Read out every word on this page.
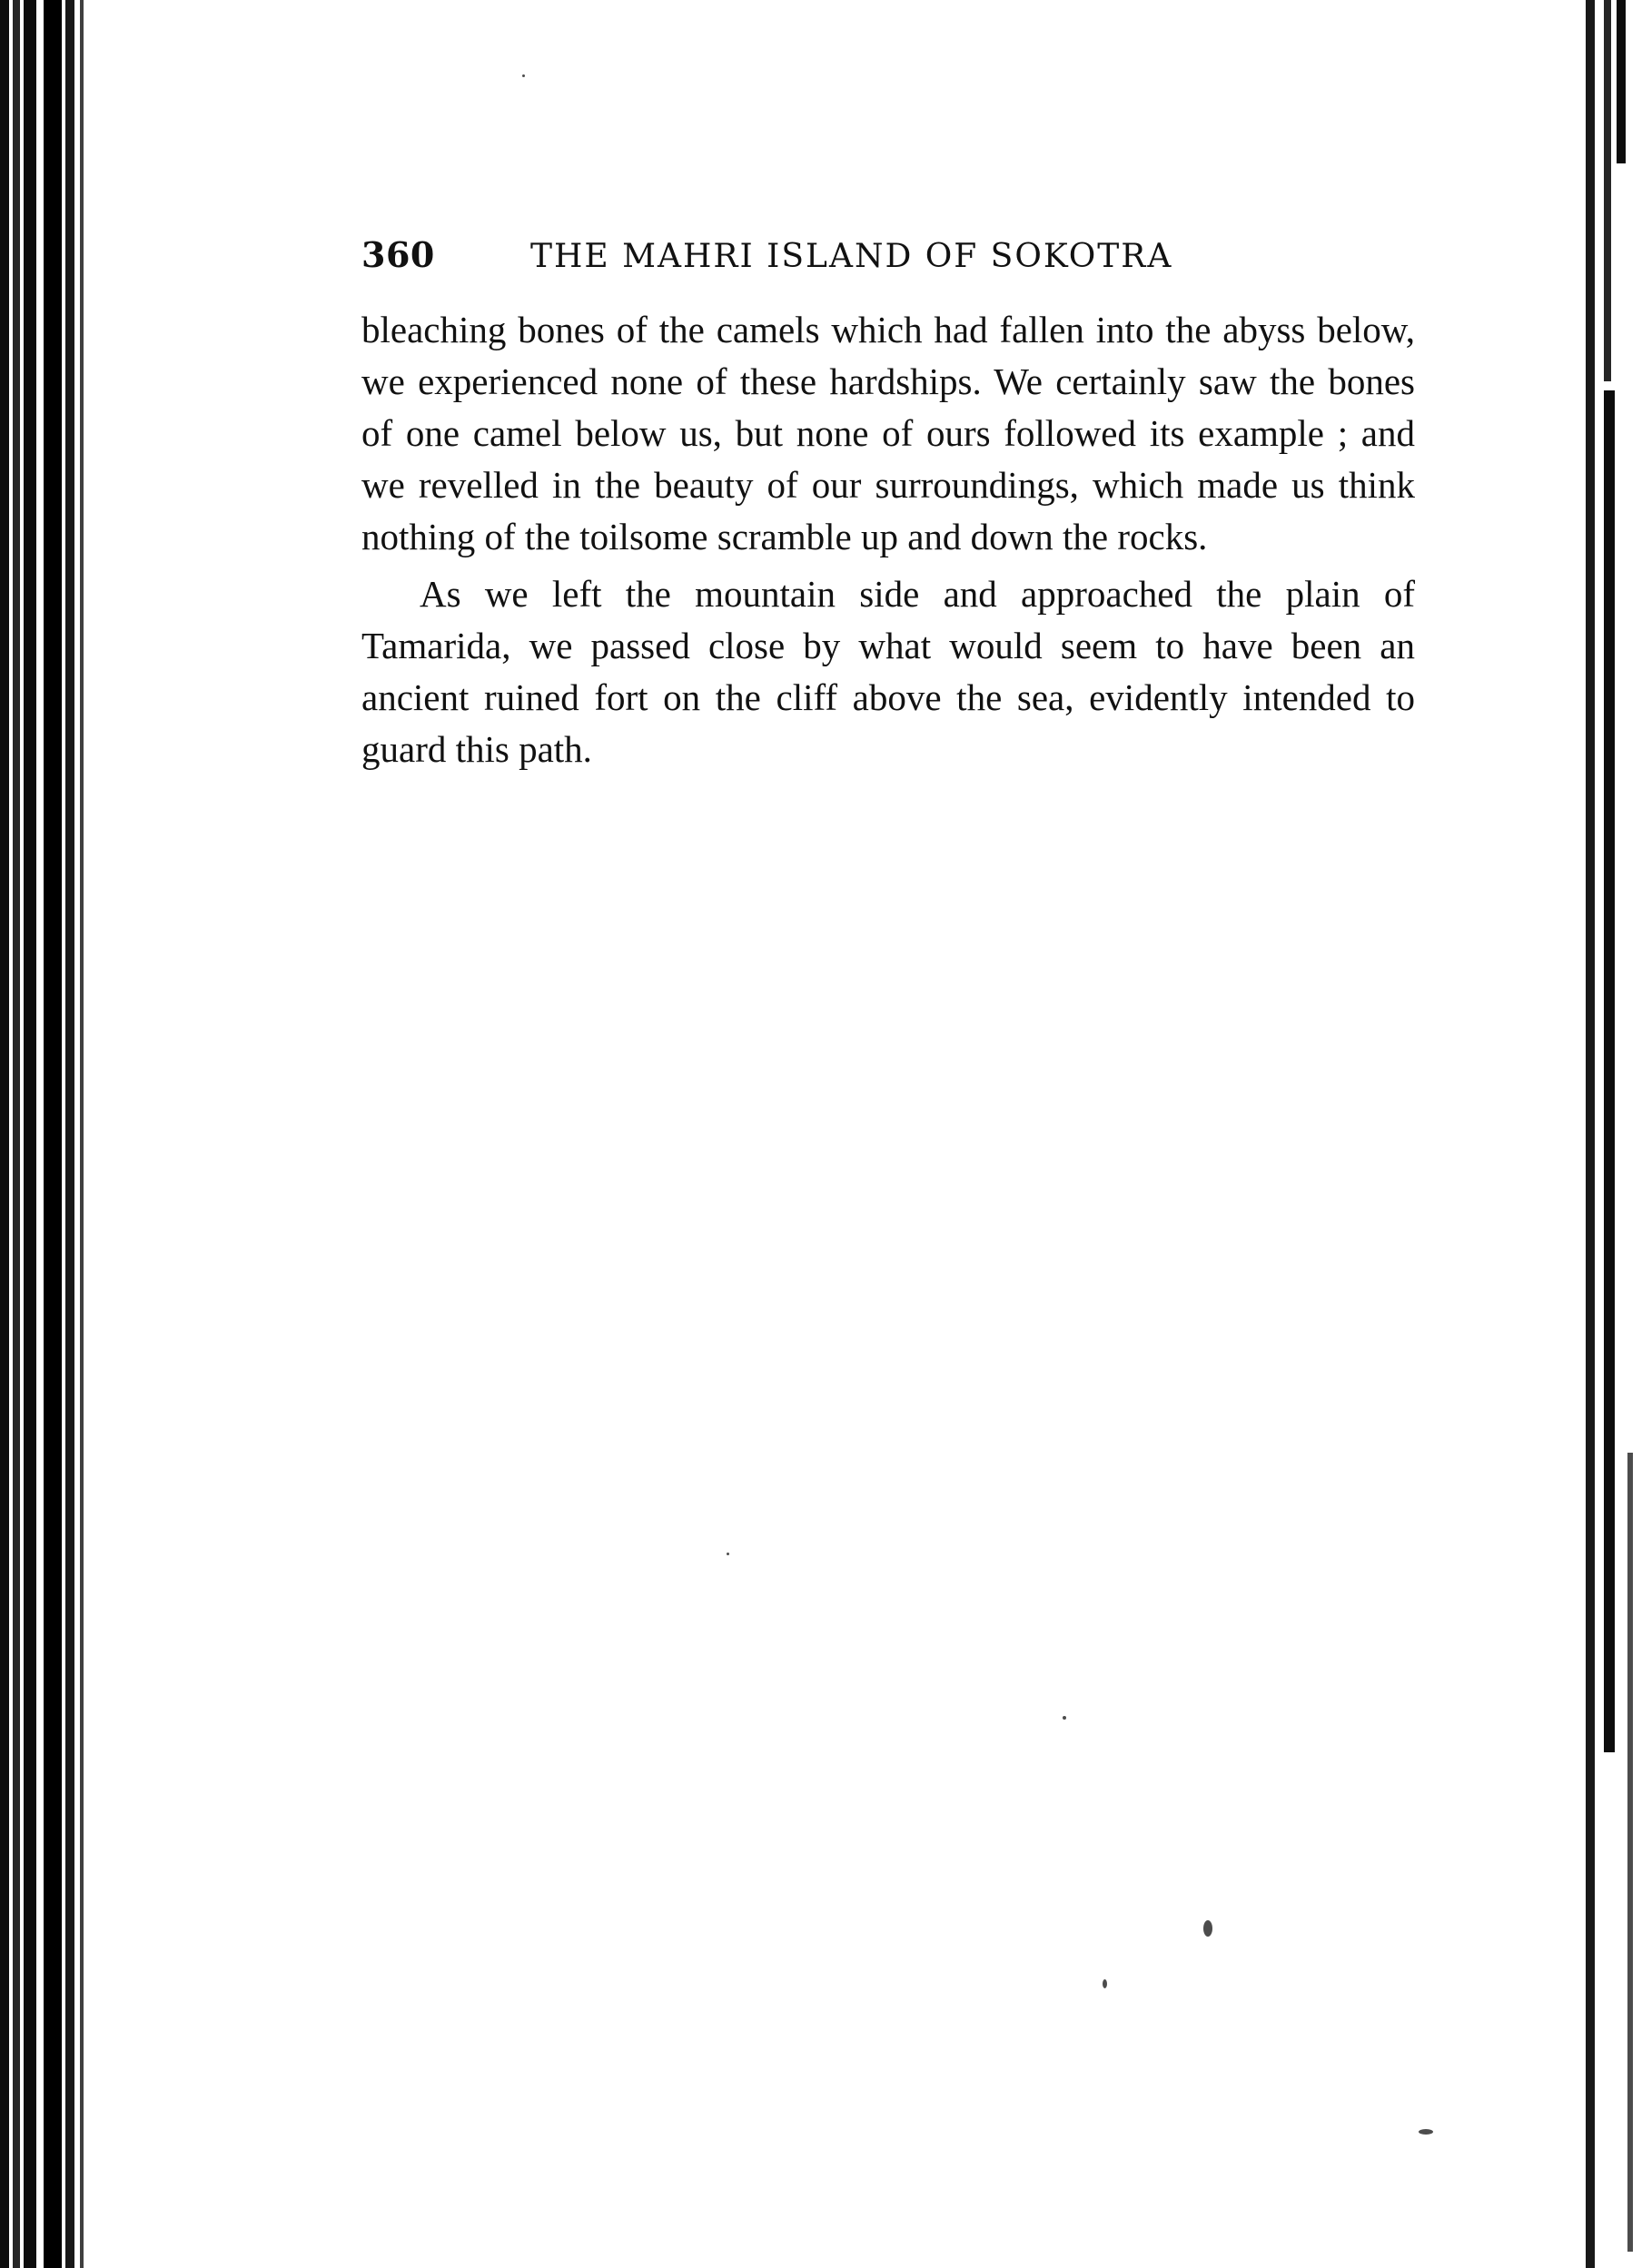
360	THE MAHRI ISLAND OF SOKOTRA

bleaching bones of the camels which had fallen into the abyss below, we experienced none of these hardships. We certainly saw the bones of one camel below us, but none of ours followed its example ; and we revelled in the beauty of our surroundings, which made us think nothing of the toilsome scramble up and down the rocks.

As we left the mountain side and approached the plain of Tamarida, we passed close by what would seem to have been an ancient ruined fort on the cliff above the sea, evidently intended to guard this path.
